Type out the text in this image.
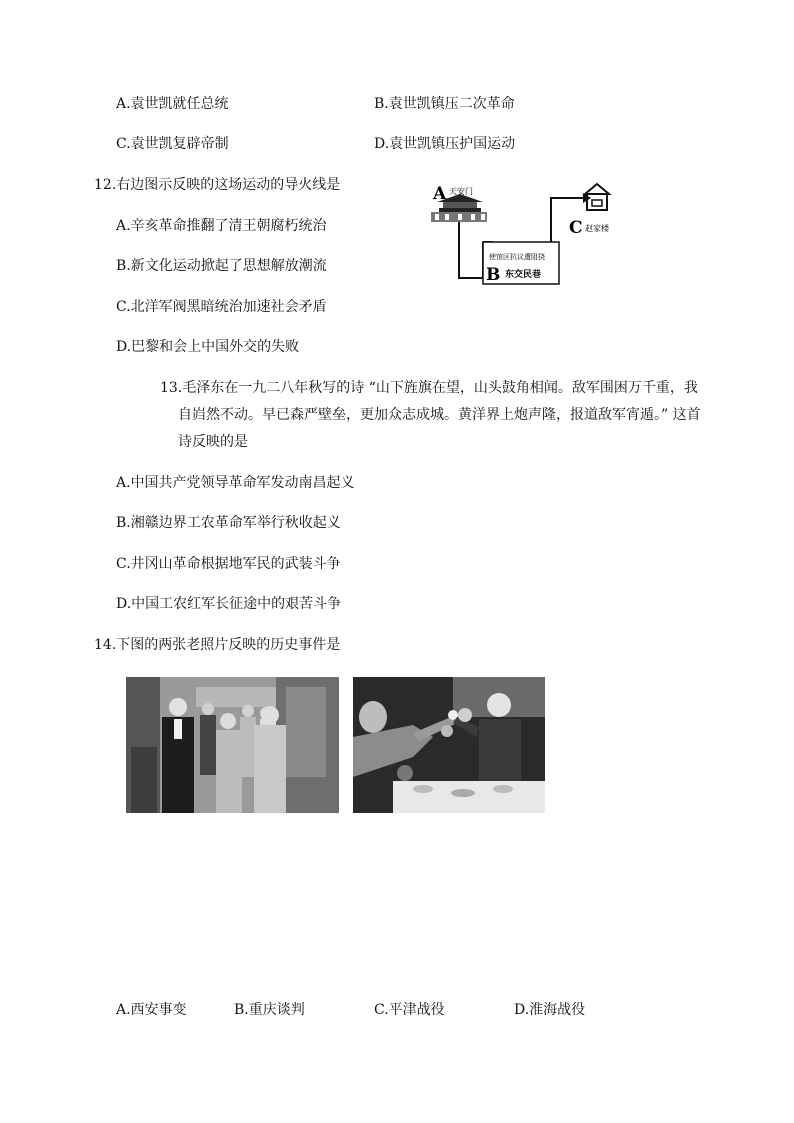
A.袁世凯就任总统	B.袁世凯镇压二次革命
C.袁世凯复辟帝制	D.袁世凯镇压护国运动
12.右边图示反映的这场运动的导火线是
A.辛亥革命推翻了清王朝腐朽统治
B.新文化运动掀起了思想解放潮流
C.北洋军阀黑暗统治加速社会矛盾
D.巴黎和会上中国外交的失败
A 天安门
使馆区抗议遭阻挠
B 东交民巷
C 赵家楼
13.毛泽东在一九二八年秋写的诗 “山下旌旗在望，山头鼓角相闻。敌军围困万千重，我
自岿然不动。早已森严壁垒，更加众志成城。黄洋界上炮声隆，报道敌军宵遁。” 这首
诗反映的是
A.中国共产党领导革命军发动南昌起义
B.湘赣边界工农革命军举行秋收起义
C.井冈山革命根据地军民的武装斗争
D.中国工农红军长征途中的艰苦斗争
14.下图的两张老照片反映的历史事件是
A.西安事变	B.重庆谈判	C.平津战役	D.淮海战役
